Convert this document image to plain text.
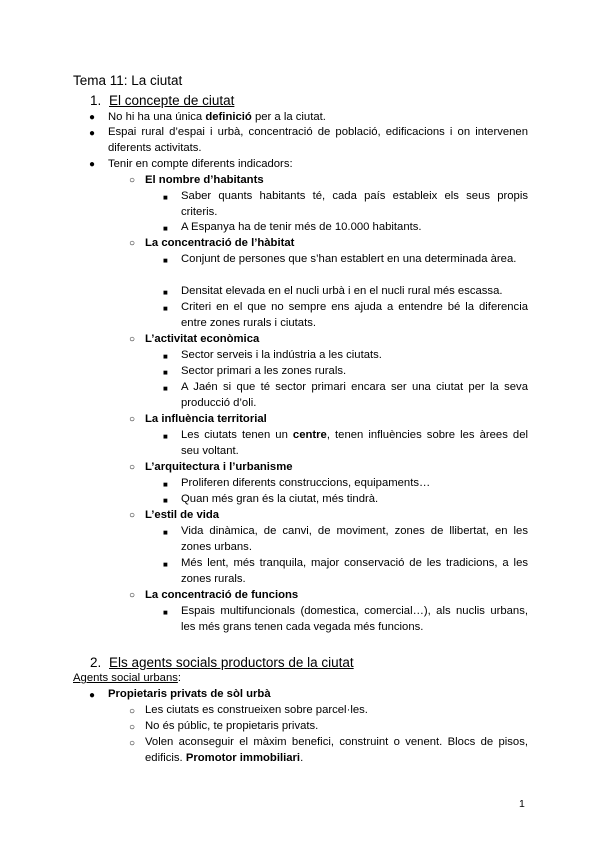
Tema 11: La ciutat
1. El concepte de ciutat
● No hi ha una única definició per a la ciutat.
● Espai rural d’espai i urbà, concentració de població, edificacions i on intervenen diferents activitats.
● Tenir en compte diferents indicadors:
○ El nombre d’habitants
■ Saber quants habitants té, cada país estableix els seus propis criteris.
■ A Espanya ha de tenir més de 10.000 habitants.
○ La concentració de l’hàbitat
■ Conjunt de persones que s’han establert en una determinada àrea.
■ Densitat elevada en el nucli urbà i en el nucli rural més escassa.
■ Criteri en el que no sempre ens ajuda a entendre bé la diferencia entre zones rurals i ciutats.
○ L’activitat econòmica
■ Sector serveis i la indústria a les ciutats.
■ Sector primari a les zones rurals.
■ A Jaén si que té sector primari encara ser una ciutat per la seva producció d’oli.
○ La influència territorial
■ Les ciutats tenen un centre, tenen influències sobre les àrees del seu voltant.
○ L’arquitectura i l’urbanisme
■ Proliferen diferents construccions, equipaments…
■ Quan més gran és la ciutat, més tindrà.
○ L’estil de vida
■ Vida dinàmica, de canvi, de moviment, zones de llibertat, en les zones urbans.
■ Més lent, més tranquila, major conservació de les tradicions, a les zones rurals.
○ La concentració de funcions
■ Espais multifuncionals (domestica, comercial…), als nuclis urbans, les més grans tenen cada vegada més funcions.
2. Els agents socials productors de la ciutat
Agents social urbans:
● Propietaris privats de sòl urbà
○ Les ciutats es construeixen sobre parcel·les.
○ No és públic, te propietaris privats.
○ Volen aconseguir el màxim benefici, construint o venent. Blocs de pisos, edificis. Promotor immobiliari.
1
